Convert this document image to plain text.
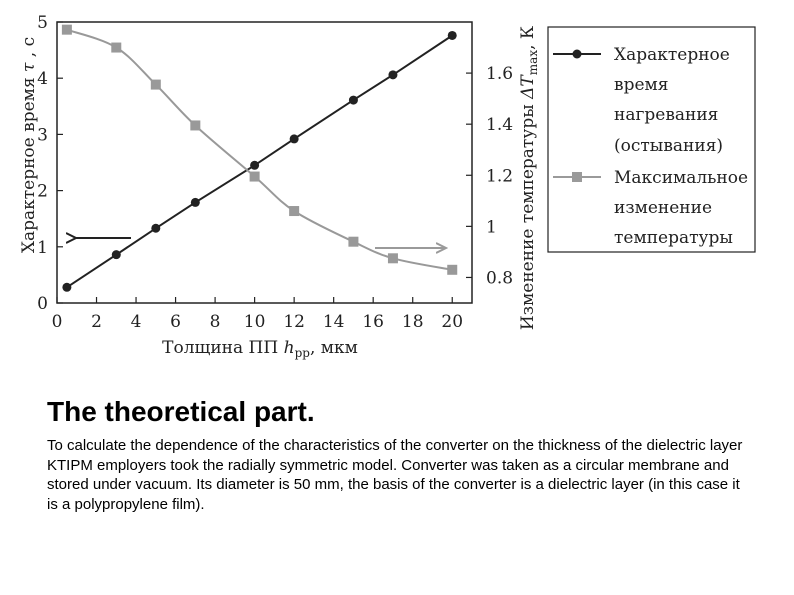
0 2 4 6 8 10 12 14 16 18 20
0
1
2
3
4
5
0.8
1
1.2
1.4
1.6
Толщина ПП $h_{pp}$, мкм
Характерное время τ , с
Изменение температуры $\Delta T_{max}$, К
Характерноe
время
нагревания
(остывания)
Максимальное
изменение
температуры
The theoretical part.

To calculate the dependence of the characteristics of the converter on the thickness of the dielectric layer KTIPM employers took the radially symmetric model. Converter was taken as a circular membrane and stored under vacuum. Its diameter is 50 mm, the basis of the converter is a dielectric layer (in this case it is a polypropylene film).
